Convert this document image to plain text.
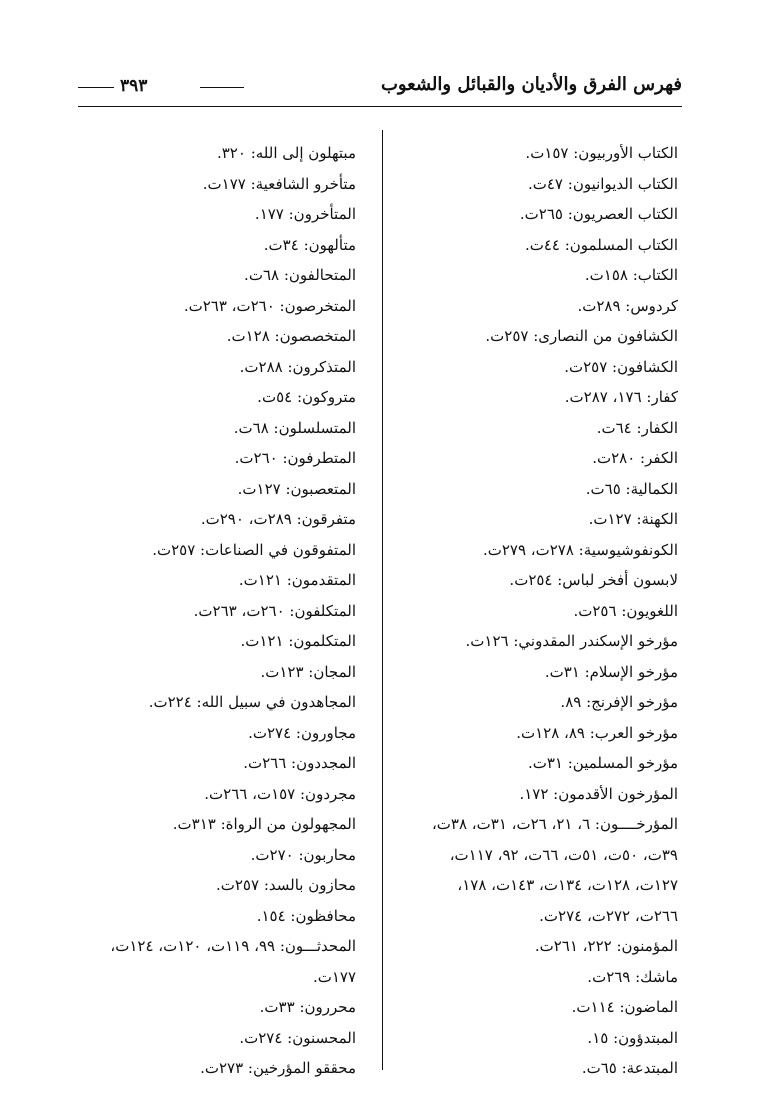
فهرس الفرق والأديان والقبائل والشعوب
٣٩٣
الكتاب الأوربيون: ١٥٧ت.
الكتاب الديوانيون: ٤٧ت.
الكتاب العصريون: ٢٦٥ت.
الكتاب المسلمون: ٤٤ت.
الكتاب: ١٥٨ت.
كردوس: ٢٨٩ت.
الكشافون من النصارى: ٢٥٧ت.
الكشافون: ٢٥٧ت.
كفار: ١٧٦، ٢٨٧ت.
الكفار: ٦٤ت.
الكفر: ٢٨٠ت.
الكمالية: ٦٥ت.
الكهنة: ١٢٧ت.
الكونفوشيوسية: ٢٧٨ت، ٢٧٩ت.
لابسون أفخر لباس: ٢٥٤ت.
اللغويون: ٢٥٦ت.
مؤرخو الإسكندر المقدوني: ١٢٦ت.
مؤرخو الإسلام: ٣١ت.
مؤرخو الإفرنج: ٨٩.
مؤرخو العرب: ٨٩، ١٢٨ت.
مؤرخو المسلمين: ٣١ت.
المؤرخون الأقدمون: ١٧٢.
المؤرخــــون: ٦، ٢١، ٢٦ت، ٣١ت، ٣٨ت،
٣٩ت، ٥٠ت، ٥١ت، ٦٦ت، ٩٢، ١١٧ت،
١٢٧ت، ١٢٨ت، ١٣٤ت، ١٤٣ت، ١٧٨،
٢٦٦ت، ٢٧٢ت، ٢٧٤ت.
المؤمنون: ٢٢٢، ٢٦١ت.
ماشك: ٢٦٩ت.
الماضون: ١١٤ت.
المبتدؤون: ١٥.
المبتدعة: ٦٥ت.
مبتهلون إلى الله: ٣٢٠.
متأخرو الشافعية: ١٧٧ت.
المتأخرون: ١٧٧.
متألهون: ٣٤ت.
المتحالفون: ٦٨ت.
المتخرصون: ٢٦٠ت، ٢٦٣ت.
المتخصصون: ١٢٨ت.
المتذكرون: ٢٨٨ت.
متروكون: ٥٤ت.
المتسلسلون: ٦٨ت.
المتطرفون: ٢٦٠ت.
المتعصبون: ١٢٧ت.
متفرقون: ٢٨٩ت، ٢٩٠ت.
المتفوقون في الصناعات: ٢٥٧ت.
المتقدمون: ١٢١ت.
المتكلفون: ٢٦٠ت، ٢٦٣ت.
المتكلمون: ١٢١ت.
المجان: ١٢٣ت.
المجاهدون في سبيل الله: ٢٢٤ت.
مجاورون: ٢٧٤ت.
المجددون: ٢٦٦ت.
مجردون: ١٥٧ت، ٢٦٦ت.
المجهولون من الرواة: ٣١٣ت.
محاربون: ٢٧٠ت.
محازون بالسد: ٢٥٧ت.
محافظون: ١٥٤.
المحدثـــون: ٩٩، ١١٩ت، ١٢٠ت، ١٢٤ت،
١٧٧ت.
محررون: ٣٣ت.
المحسنون: ٢٧٤ت.
محققو المؤرخين: ٢٧٣ت.
